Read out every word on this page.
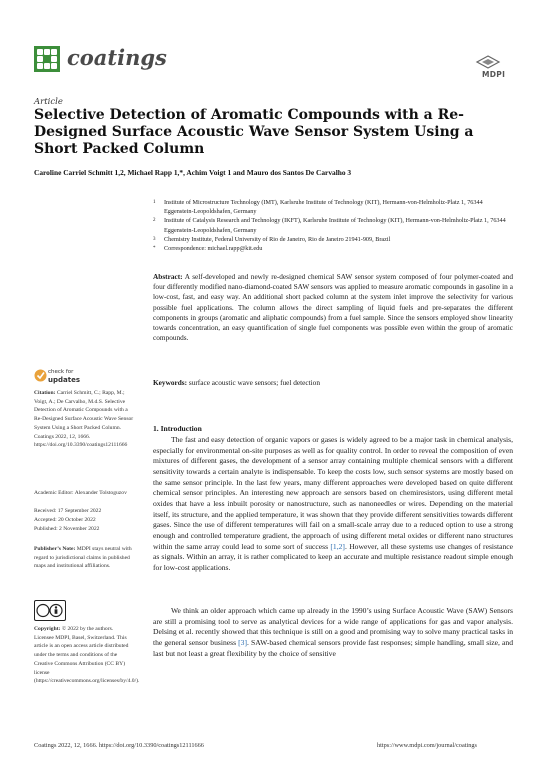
coatings
MDPI
Article
Selective Detection of Aromatic Compounds with a Re-Designed Surface Acoustic Wave Sensor System Using a Short Packed Column
Caroline Carriel Schmitt 1,2, Michael Rapp 1,*, Achim Voigt 1 and Mauro dos Santos De Carvalho 3
1	Institute of Microstructure Technology (IMT), Karlsruhe Institute of Technology (KIT), Hermann-von-Helmholtz-Platz 1, 76344 Eggenstein-Leopoldshafen, Germany
2	Institute of Catalysis Research and Technology (IKFT), Karlsruhe Institute of Technology (KIT), Hermann-von-Helmholtz-Platz 1, 76344 Eggenstein-Leopoldshafen, Germany
3	Chemistry Institute, Federal University of Rio de Janeiro, Rio de Janeiro 21941-909, Brazil
*	Correspondence: michael.rapp@kit.edu
Abstract: A self-developed and newly re-designed chemical SAW sensor system composed of four polymer-coated and four differently modified nano-diamond-coated SAW sensors was applied to measure aromatic compounds in gasoline in a low-cost, fast, and easy way. An additional short packed column at the system inlet improve the selectivity for various possible fuel applications. The column allows the direct sampling of liquid fuels and pre-separates the different components in groups (aromatic and aliphatic compounds) from a fuel sample. Since the sensors employed show linearity towards concentration, an easy quantification of single fuel components was possible even within the group of aromatic compounds.
Keywords: surface acoustic wave sensors; fuel detection
check for
updates
Citation: Carriel Schmitt, C.; Rapp, M.; Voigt, A.; De Carvalho, M.d.S. Selective Detection of Aromatic Compounds with a Re-Designed Surface Acoustic Wave Sensor System Using a Short Packed Column. Coatings 2022, 12, 1666. https://doi.org/10.3390/coatings12111666
Academic Editor: Alexander Tolstoguzov
Received: 17 September 2022
Accepted: 20 October 2022
Published: 2 November 2022
Publisher’s Note: MDPI stays neutral with regard to jurisdictional claims in published maps and institutional affiliations.
Copyright: © 2022 by the authors. Licensee MDPI, Basel, Switzerland. This article is an open access article distributed under the terms and conditions of the Creative Commons Attribution (CC BY) license (https://creativecommons.org/licenses/by/4.0/).
1. Introduction
The fast and easy detection of organic vapors or gases is widely agreed to be a major task in chemical analysis, especially for environmental on-site purposes as well as for quality control. In order to reveal the composition of even mixtures of different gases, the development of a sensor array containing multiple chemical sensors with a different sensitivity towards a certain analyte is indispensable. To keep the costs low, such sensor systems are mostly based on the same sensor principle. In the last few years, many different approaches were developed based on quite different chemical sensor principles. An interesting new approach are sensors based on chemiresistors, using different metal oxides that have a less inbuilt porosity or nanostructure, such as nanoneedles or wires. Depending on the material itself, its structure, and the applied temperature, it was shown that they provide different sensitivities towards different gases. Since the use of different temperatures will fail on a small-scale array due to a reduced option to use a strong enough and controlled temperature gradient, the approach of using different metal oxides or different nano structures within the same array could lead to some sort of success [1,2]. However, all these systems use changes of resistance as signals. Within an array, it is rather complicated to keep an accurate and multiple resistance readout simple enough for low-cost applications.
We think an older approach which came up already in the 1990’s using Surface Acoustic Wave (SAW) Sensors are still a promising tool to serve as analytical devices for a wide range of applications for gas and vapor analysis. Delsing et al. recently showed that this technique is still on a good and promising way to solve many practical tasks in the general sensor business [3]. SAW-based chemical sensors provide fast responses; simple handling, small size, and last but not least a great flexibility by the choice of sensitive
Coatings 2022, 12, 1666. https://doi.org/10.3390/coatings12111666	https://www.mdpi.com/journal/coatings
